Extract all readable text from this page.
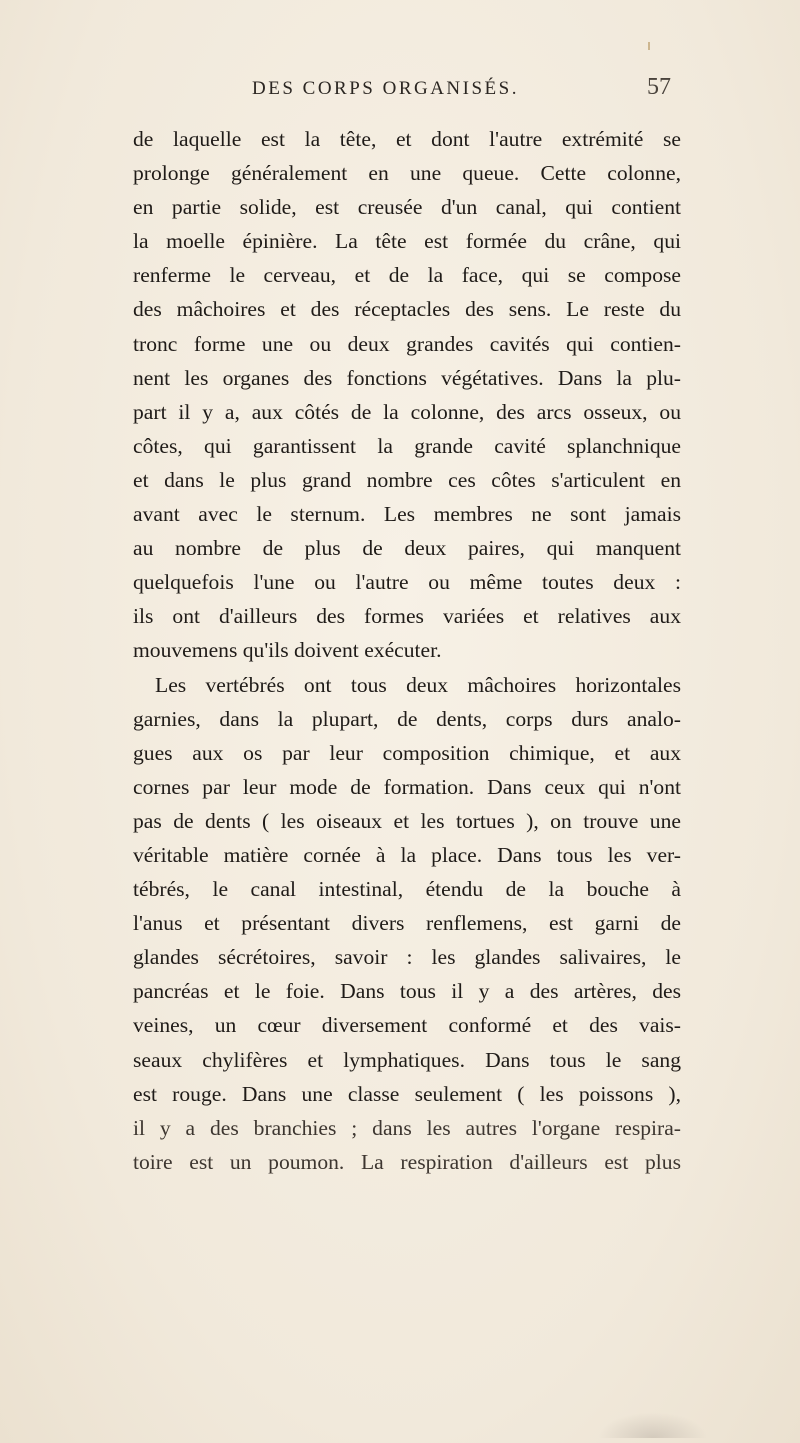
DES CORPS ORGANISÉS.	57
de laquelle est la tête, et dont l'autre extrémité se
prolonge généralement en une queue. Cette colonne,
en partie solide, est creusée d'un canal, qui contient
la moelle épinière. La tête est formée du crâne, qui
renferme le cerveau, et de la face, qui se compose
des mâchoires et des réceptacles des sens. Le reste du
tronc forme une ou deux grandes cavités qui contien-
nent les organes des fonctions végétatives. Dans la plu-
part il y a, aux côtés de la colonne, des arcs osseux, ou
côtes, qui garantissent la grande cavité splanchnique
et dans le plus grand nombre ces côtes s'articulent en
avant avec le sternum. Les membres ne sont jamais
au nombre de plus de deux paires, qui manquent
quelquefois l'une ou l'autre ou même toutes deux :
ils ont d'ailleurs des formes variées et relatives aux
mouvemens qu'ils doivent exécuter.
Les vertébrés ont tous deux mâchoires horizontales
garnies, dans la plupart, de dents, corps durs analo-
gues aux os par leur composition chimique, et aux
cornes par leur mode de formation. Dans ceux qui n'ont
pas de dents ( les oiseaux et les tortues ), on trouve une
véritable matière cornée à la place. Dans tous les ver-
tébrés, le canal intestinal, étendu de la bouche à
l'anus et présentant divers renflemens, est garni de
glandes sécrétoires, savoir : les glandes salivaires, le
pancréas et le foie. Dans tous il y a des artères, des
veines, un cœur diversement conformé et des vais-
seaux chylifères et lymphatiques. Dans tous le sang
est rouge. Dans une classe seulement ( les poissons ),
il y a des branchies ; dans les autres l'organe respira-
toire est un poumon. La respiration d'ailleurs est plus
